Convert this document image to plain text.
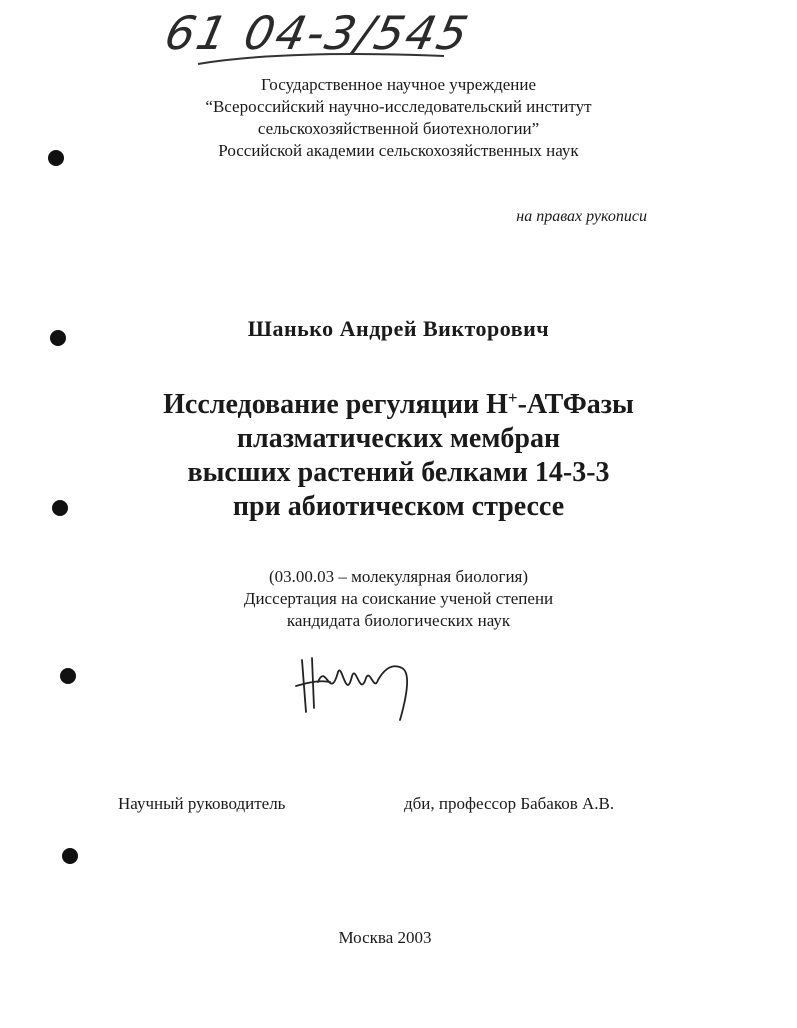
61 04-3/545
Государственное научное учреждение
“Всероссийский научно-исследовательский институт
сельскохозяйственной биотехнологии”
Российской академии сельскохозяйственных наук
на правах рукописи
Шанько Андрей Викторович
Исследование регуляции Н+-АТФазы
плазматических мембран
высших растений белками 14-3-3
при абиотическом стрессе
(03.00.03 – молекулярная биология)
Диссертация на соискание ученой степени
кандидата биологических наук
Научный руководитель	дби, профессор Бабаков А.В.
Москва 2003
